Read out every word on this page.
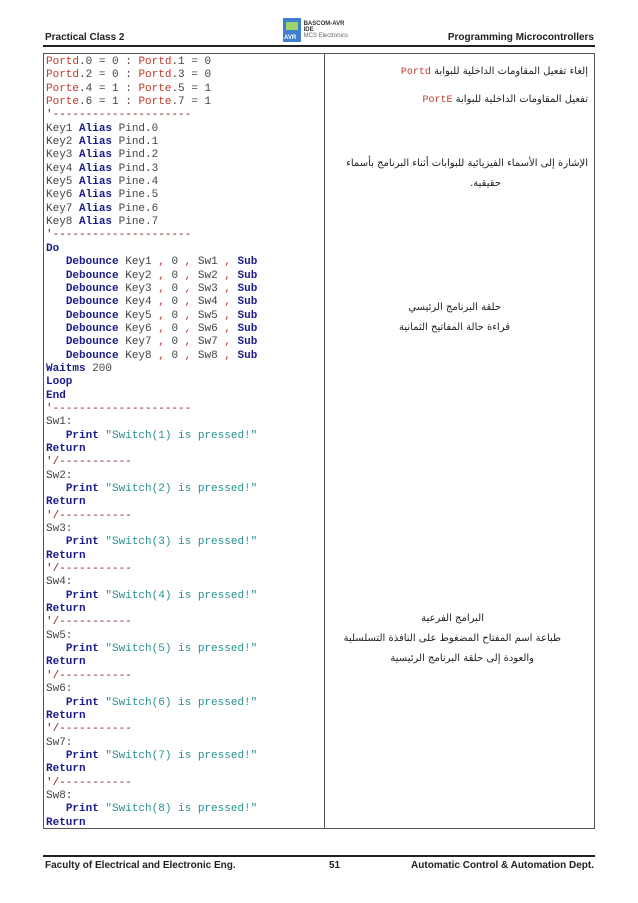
Practical Class 2	AVR
BASCOM-AVR IDE
MCS Electronics	Programming Microcontrollers
Portd.0 = 0 : Portd.1 = 0
Portd.2 = 0 : Portd.3 = 0
Porte.4 = 1 : Porte.5 = 1
Porte.6 = 1 : Porte.7 = 1
'---------------------
Key1 Alias Pind.0
Key2 Alias Pind.1
Key3 Alias Pind.2
Key4 Alias Pind.3
Key5 Alias Pine.4
Key6 Alias Pine.5
Key7 Alias Pine.6
Key8 Alias Pine.7
'---------------------
Do
Debounce Key1 , 0 , Sw1 , Sub
Debounce Key2 , 0 , Sw2 , Sub
Debounce Key3 , 0 , Sw3 , Sub
Debounce Key4 , 0 , Sw4 , Sub
Debounce Key5 , 0 , Sw5 , Sub
Debounce Key6 , 0 , Sw6 , Sub
Debounce Key7 , 0 , Sw7 , Sub
Debounce Key8 , 0 , Sw8 , Sub
Waitms 200
Loop
End
'---------------------
Sw1:
Print "Switch(1) is pressed!"
Return
'/-----------
Sw2:
Print "Switch(2) is pressed!"
Return
'/-----------
Sw3:
Print "Switch(3) is pressed!"
Return
'/-----------
Sw4:
Print "Switch(4) is pressed!"
Return
'/-----------
Sw5:
Print "Switch(5) is pressed!"
Return
'/-----------
Sw6:
Print "Switch(6) is pressed!"
Return
'/-----------
Sw7:
Print "Switch(7) is pressed!"
Return
'/-----------
Sw8:
Print "Switch(8) is pressed!"
Return
إلغاء تفعيل المقاومات الداخلية للبوابة Portd
تفعيل المقاومات الداخلية للبوابة PortE
الإشارة إلى الأسماء الفيزيائية للبوابات أثناء البرنامج بأسماء
حقيقية.
حلقة البرنامج الرئيسي
قراءة حالة المفاتيح الثمانية
البرامج الفرعية
طباعة اسم المفتاح المضغوط على النافذة التسلسلية
والعودة إلى حلقة البرنامج الرئيسية
Faculty of Electrical and Electronic Eng.	51	Automatic Control & Automation Dept.
